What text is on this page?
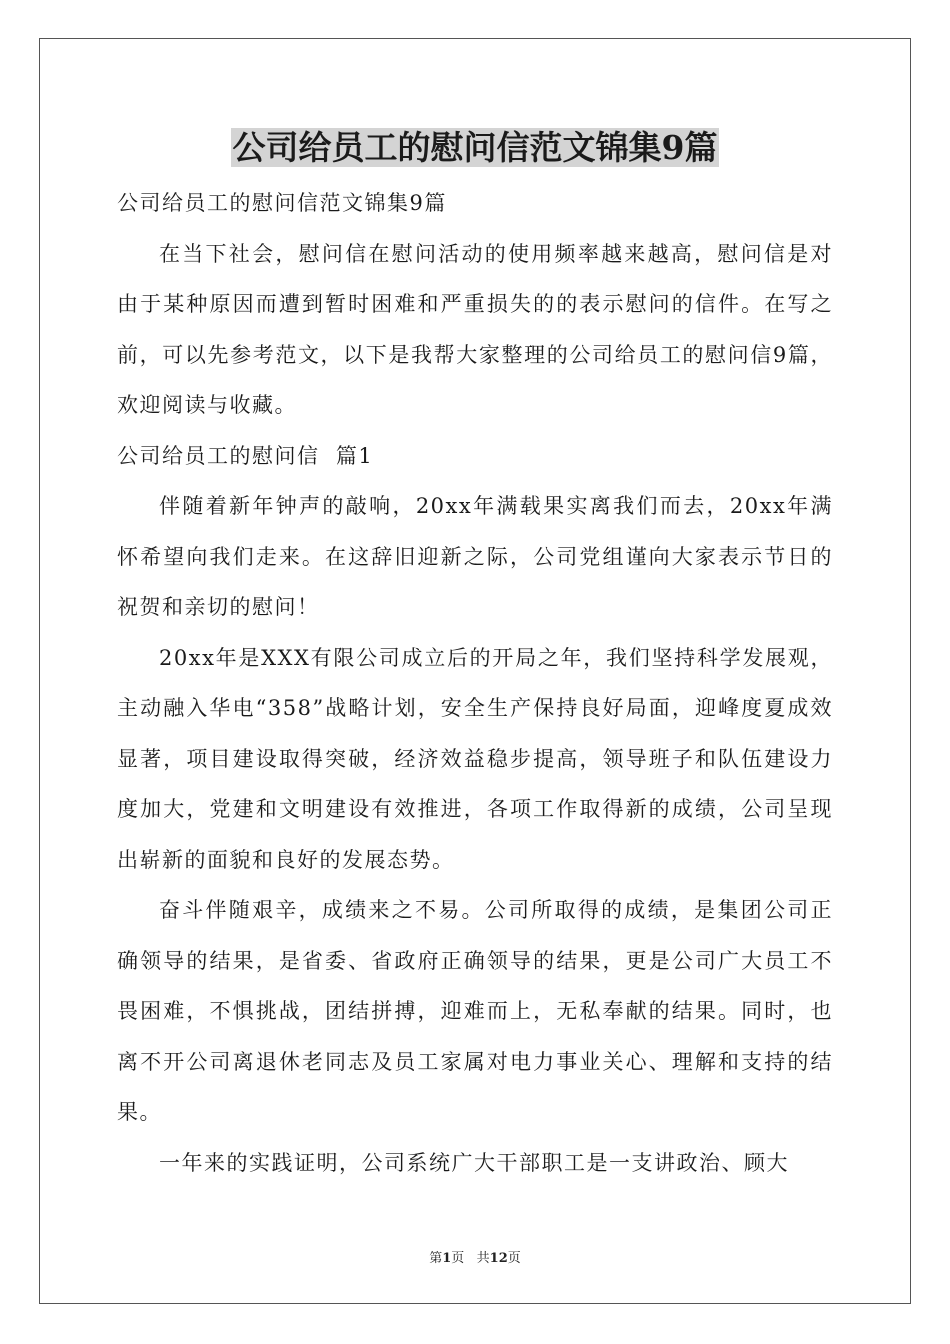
公司给员工的慰问信范文锦集9篇

公司给员工的慰问信范文锦集9篇

在当下社会，慰问信在慰问活动的使用频率越来越高，慰问信是对由于某种原因而遭到暂时困难和严重损失的的表示慰问的信件。在写之前，可以先参考范文，以下是我帮大家整理的公司给员工的慰问信9篇，欢迎阅读与收藏。

公司给员工的慰问信  篇1

伴随着新年钟声的敲响，20xx年满载果实离我们而去，20xx年满怀希望向我们走来。在这辞旧迎新之际，公司党组谨向大家表示节日的祝贺和亲切的慰问！

20xx年是XXX有限公司成立后的开局之年，我们坚持科学发展观，主动融入华电“358”战略计划，安全生产保持良好局面，迎峰度夏成效显著，项目建设取得突破，经济效益稳步提高，领导班子和队伍建设力度加大，党建和文明建设有效推进，各项工作取得新的成绩，公司呈现出崭新的面貌和良好的发展态势。

奋斗伴随艰辛，成绩来之不易。公司所取得的成绩，是集团公司正确领导的结果，是省委、省政府正确领导的结果，更是公司广大员工不畏困难，不惧挑战，团结拼搏，迎难而上，无私奉献的结果。同时，也离不开公司离退休老同志及员工家属对电力事业关心、理解和支持的结果。

一年来的实践证明，公司系统广大干部职工是一支讲政治、顾大

第1页   共12页
